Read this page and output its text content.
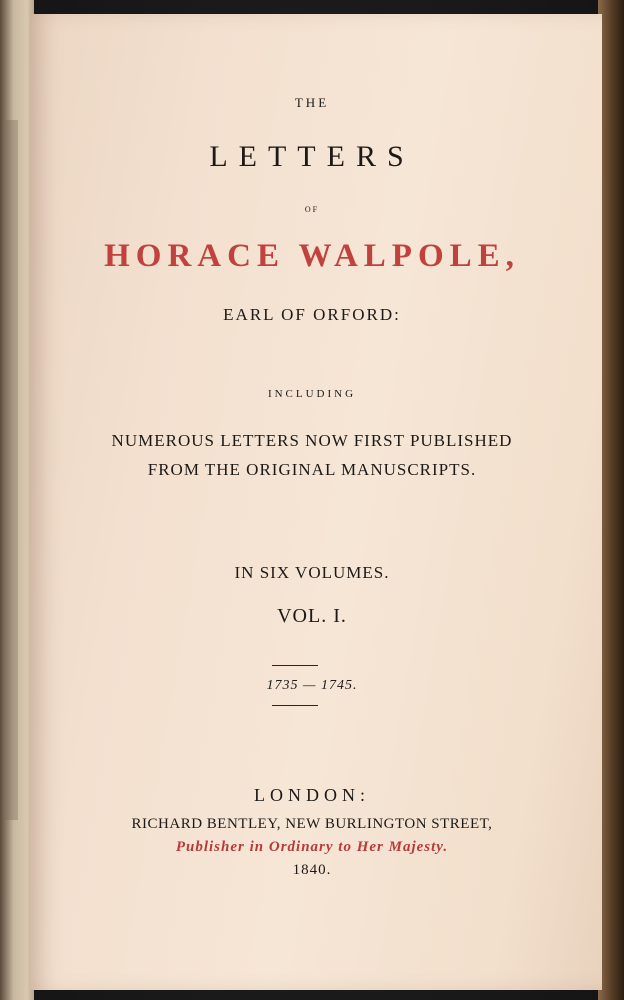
THE
LETTERS
OF
HORACE WALPOLE,
EARL OF ORFORD:
INCLUDING
NUMEROUS LETTERS NOW FIRST PUBLISHED
FROM THE ORIGINAL MANUSCRIPTS.
IN SIX VOLUMES.
VOL. I.
1735 — 1745.
LONDON:
RICHARD BENTLEY, NEW BURLINGTON STREET,
Publisher in Ordinary to Her Majesty.
1840.
